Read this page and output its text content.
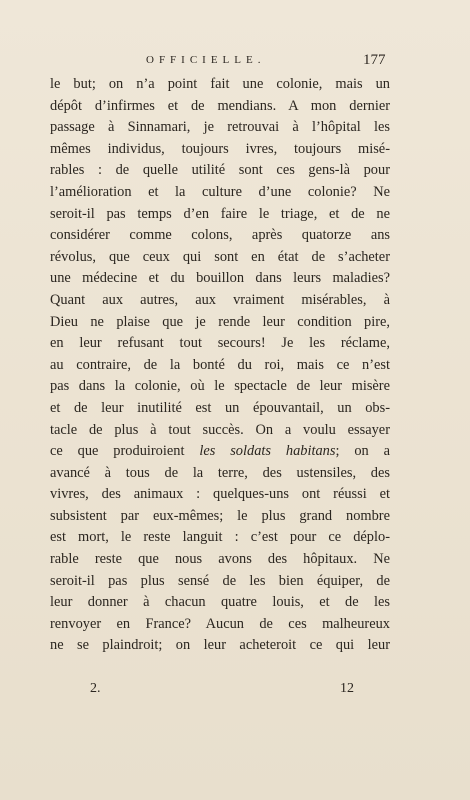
OFFICIELLE.	177
le but; on n’a point fait une colonie, mais un
dépôt d’infirmes et de mendians. A mon dernier
passage à Sinnamari, je retrouvai à l’hôpital les
mêmes individus, toujours ivres, toujours misé-
rables : de quelle utilité sont ces gens-là pour
l’amélioration et la culture d’une colonie? Ne
seroit-il pas temps d’en faire le triage, et de ne
considérer comme colons, après quatorze ans
révolus, que ceux qui sont en état de s’acheter
une médecine et du bouillon dans leurs maladies?
Quant aux autres, aux vraiment misérables, à
Dieu ne plaise que je rende leur condition pire,
en leur refusant tout secours! Je les réclame,
au contraire, de la bonté du roi, mais ce n’est
pas dans la colonie, où le spectacle de leur misère
et de leur inutilité est un épouvantail, un obs-
tacle de plus à tout succès. On a voulu essayer
ce que produiroient les soldats habitans; on a
avancé à tous de la terre, des ustensiles, des
vivres, des animaux : quelques-uns ont réussi et
subsistent par eux-mêmes; le plus grand nombre
est mort, le reste languit : c’est pour ce déplo-
rable reste que nous avons des hôpitaux. Ne
seroit-il pas plus sensé de les bien équiper, de
leur donner à chacun quatre louis, et de les
renvoyer en France? Aucun de ces malheureux
ne se plaindroit; on leur acheteroit ce qui leur
2.	12
